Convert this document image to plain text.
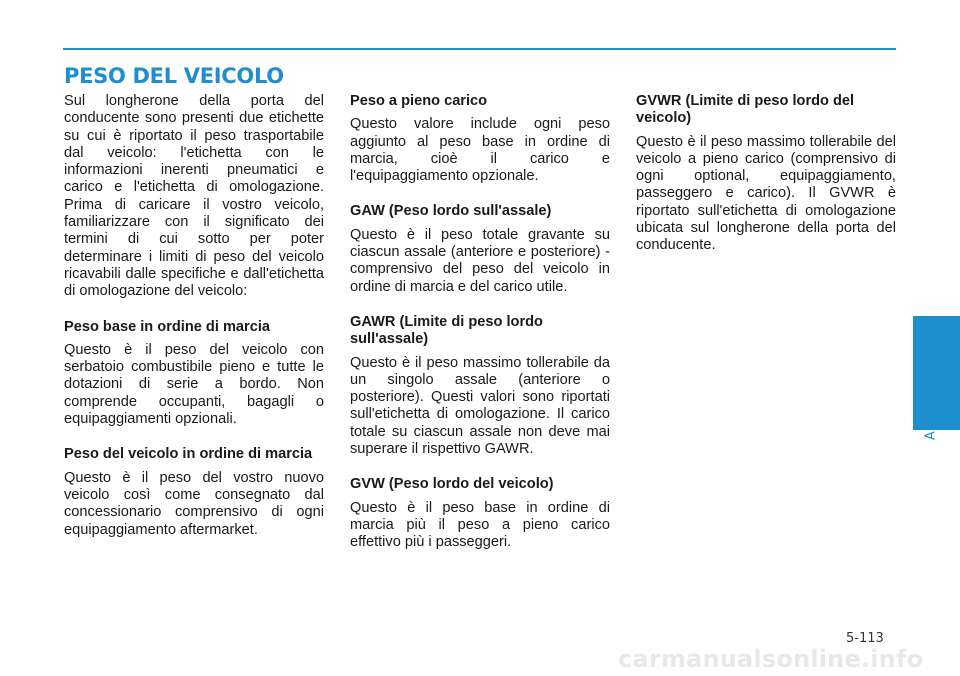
PESO DEL VEICOLO

Sul longherone della porta del conducente sono presenti due etichette su cui è riportato il peso trasportabile dal veicolo: l'etichetta con le informazioni inerenti pneumatici e carico e l'etichetta di omologazione. Prima di caricare il vostro veicolo, familiarizzare con il significato dei termini di cui sotto per poter determinare i limiti di peso del veicolo ricavabili dalle specifiche e dall'etichetta di omologazione del veicolo:

Peso base in ordine di marcia

Questo è il peso del veicolo con serbatoio combustibile pieno e tutte le dotazioni di serie a bordo. Non comprende occupanti, bagagli o equipaggiamenti opzionali.

Peso del veicolo in ordine di marcia

Questo è il peso del vostro nuovo veicolo così come consegnato dal concessionario comprensivo di ogni equipaggiamento aftermarket.

Peso a pieno carico

Questo valore include ogni peso aggiunto al peso base in ordine di marcia, cioè il carico e l'equipaggiamento opzionale.

GAW (Peso lordo sull'assale)

Questo è il peso totale gravante su ciascun assale (anteriore e posteriore) - comprensivo del peso del veicolo in ordine di marcia e del carico utile.

GAWR (Limite di peso lordo sull'assale)

Questo è il peso massimo tollerabile da un singolo assale (anteriore o posteriore). Questi valori sono riportati sull'etichetta di omologazione. Il carico totale su ciascun assale non deve mai superare il rispettivo GAWR.

GVW (Peso lordo del veicolo)

Questo è il peso base in ordine di marcia più il peso a pieno carico effettivo più i passeggeri.

GVWR (Limite di peso lordo del veicolo)

Questo è il peso massimo tollerabile del veicolo a pieno carico (comprensivo di ogni optional, equipaggiamento, passeggero e carico). Il GVWR è riportato sull'etichetta di omologazione ubicata sul longherone della porta del conducente.

Al volante
5-113
carmanualsonline.info
